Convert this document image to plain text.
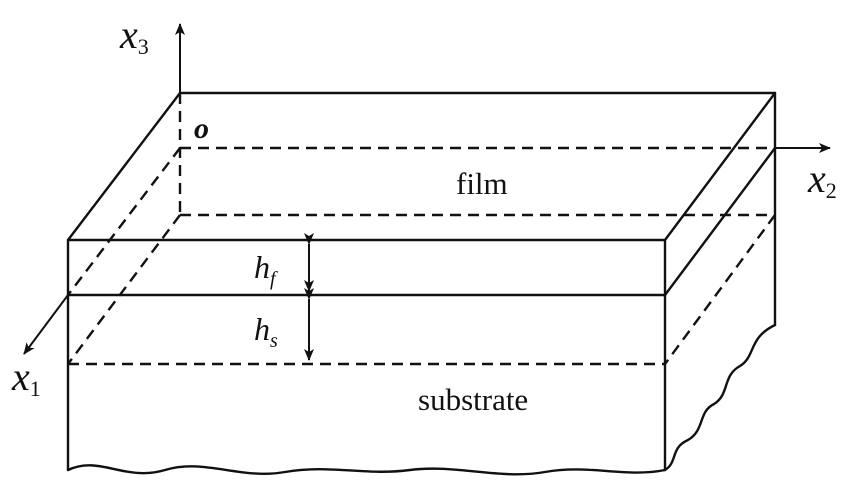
x3
x2
x1
o
film
substrate
$h_f$
$h_s$
